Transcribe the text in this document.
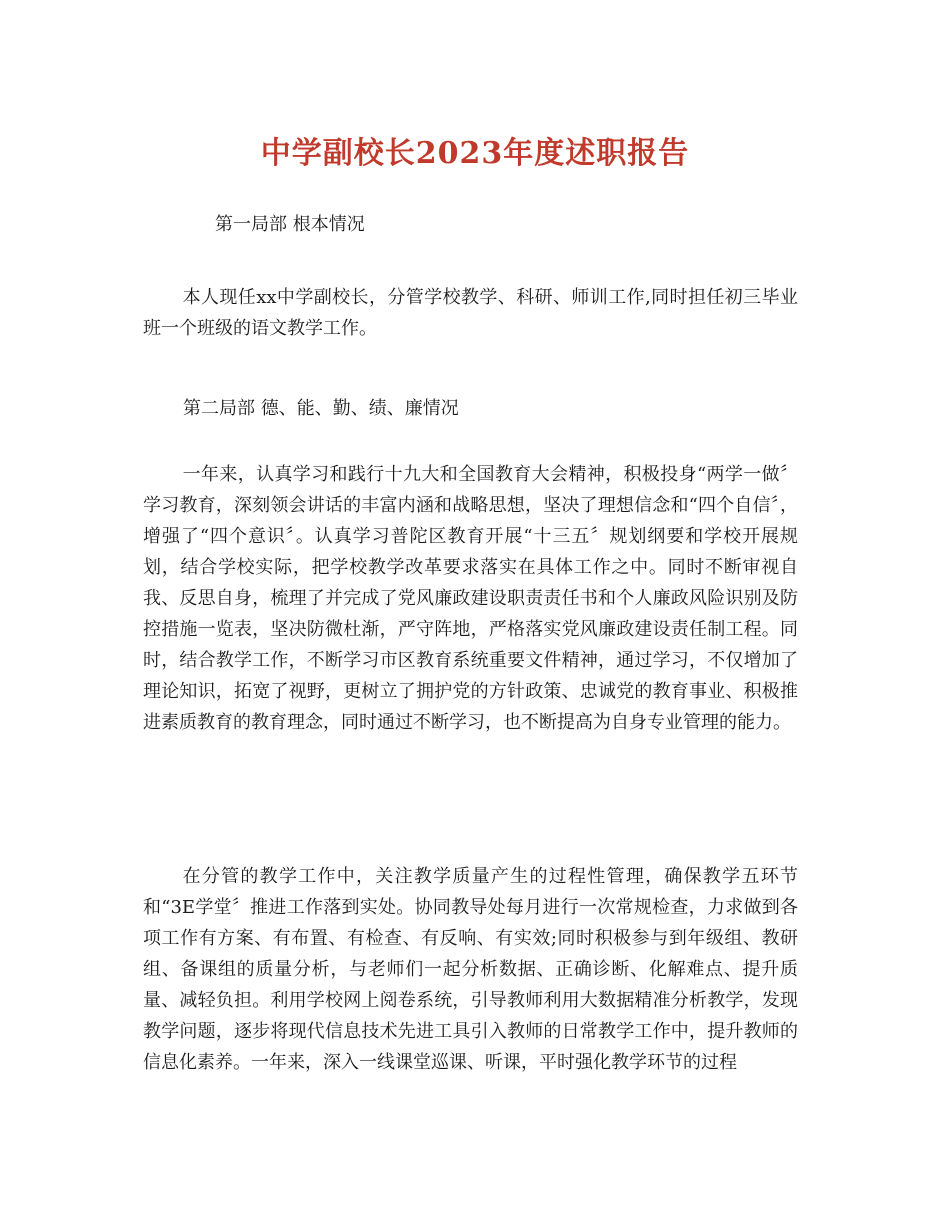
中学副校长2023年度述职报告

第一局部 根本情况

本人现任xx中学副校长，分管学校教学、科研、师训工作,同时担任初三毕业班一个班级的语文教学工作。

第二局部 德、能、勤、绩、廉情况

一年来，认真学习和践行十九大和全国教育大会精神，积极投身“两学一做〞学习教育，深刻领会讲话的丰富内涵和战略思想，坚决了理想信念和“四个自信〞，增强了“四个意识〞。认真学习普陀区教育开展“十三五〞规划纲要和学校开展规划，结合学校实际，把学校教学改革要求落实在具体工作之中。同时不断审视自我、反思自身，梳理了并完成了党风廉政建设职责责任书和个人廉政风险识别及防控措施一览表，坚决防微杜渐，严守阵地，严格落实党风廉政建设责任制工程。同时，结合教学工作，不断学习市区教育系统重要文件精神，通过学习，不仅增加了理论知识，拓宽了视野，更树立了拥护党的方针政策、忠诚党的教育事业、积极推进素质教育的教育理念，同时通过不断学习，也不断提高为自身专业管理的能力。

在分管的教学工作中，关注教学质量产生的过程性管理，确保教学五环节和“3E学堂〞推进工作落到实处。协同教导处每月进行一次常规检查，力求做到各项工作有方案、有布置、有检查、有反响、有实效;同时积极参与到年级组、教研组、备课组的质量分析，与老师们一起分析数据、正确诊断、化解难点、提升质量、减轻负担。利用学校网上阅卷系统，引导教师利用大数据精准分析教学，发现教学问题，逐步将现代信息技术先进工具引入教师的日常教学工作中，提升教师的信息化素养。一年来，深入一线课堂巡课、听课，平时强化教学环节的过程
